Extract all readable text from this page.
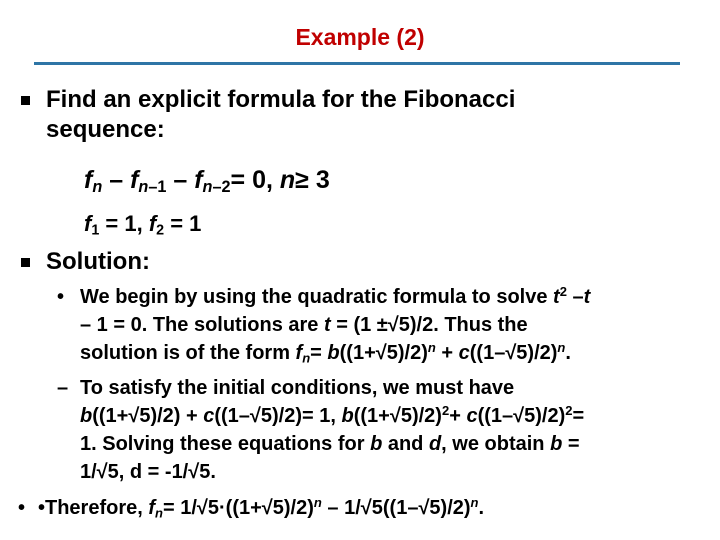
Example (2)
Find an explicit formula for the Fibonacci
sequence:
$f_n - f_{n-1} - f_{n-2}= 0$, n≥ 3
$f_1 = 1$, $f_2 = 1$
Solution:
• We begin by using the quadratic formula to solve $t^2$ –t
– 1 = 0. The solutions are t = (1 ±√5)/2. Thus the
solution is of the form $f_n= b((1+√5)/2)^n + c((1-√5)/2)^n$.
– To satisfy the initial conditions, we must have
b((1+√5)/2) + c((1–√5)/2)= 1, $b((1+√5)/2)^2+ c((1-√5)/2)^2=$
1. Solving these equations for b and d, we obtain b =
1/√5, d = -1/√5.
• •Therefore, $f_n= 1/√5\cdot((1+√5)/2)^n - 1/√5((1-√5)/2)^n$.
